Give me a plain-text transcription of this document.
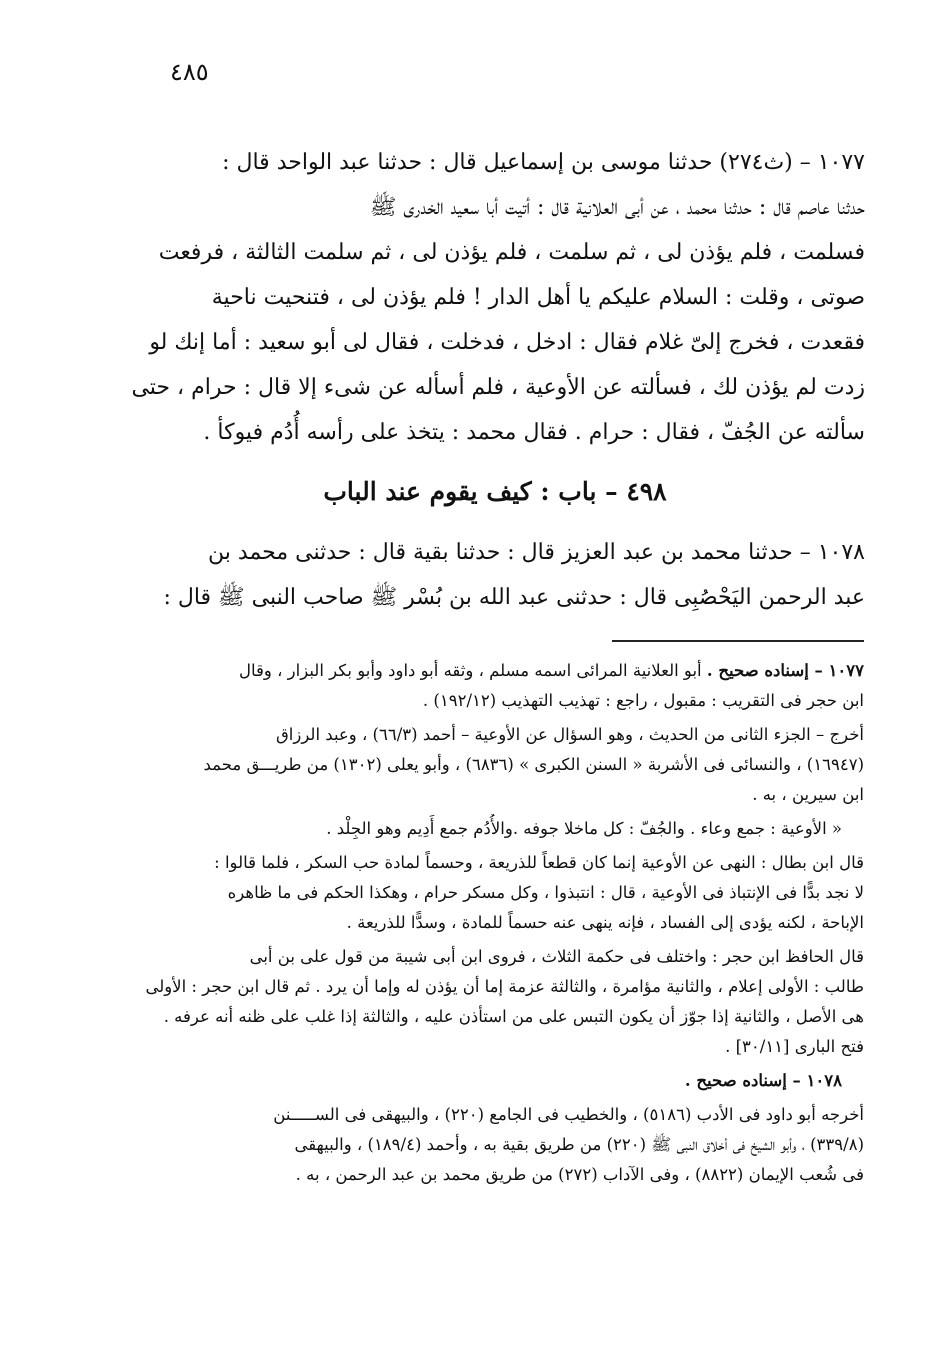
٤٨٥
١٠٧٧ – (ث٢٧٤) حدثنا موسى بن إسماعيل قال : حدثنا عبد الواحد قال :
حدثنا عاصم قال : حدثنا محمد ، عن أبى العلانية قال : أتيت أبا سعيد الخدرى ﷺ
فسلمت ، فلم يؤذن لى ، ثم سلمت ، فلم يؤذن لى ، ثم سلمت الثالثة ، فرفعت
صوتى ، وقلت : السلام عليكم يا أهل الدار ! فلم يؤذن لى ، فتنحيت ناحية
فقعدت ، فخرج إلىّ غلام فقال : ادخل ، فدخلت ، فقال لى أبو سعيد : أما إنك لو
زدت لم يؤذن لك ، فسألته عن الأوعية ، فلم أسأله عن شىء إلا قال : حرام ، حتى
سألته عن الجُفّ ، فقال : حرام . فقال محمد : يتخذ على رأسه أُدُم فيوكأ .
٤٩٨ – باب : كيف يقوم عند الباب
١٠٧٨ – حدثنا محمد بن عبد العزيز قال : حدثنا بقية قال : حدثنى محمد بن
عبد الرحمن اليَحْصُبِى قال : حدثنى عبد الله بن بُسْر ﷺ صاحب النبى ﷺ قال :
١٠٧٧ – إسناده صحيح . أبو العلانية المرائى اسمه مسلم ، وثقه أبو داود وأبو بكر البزار ، وقال
ابن حجر فى التقريب : مقبول ، راجع : تهذيب التهذيب (١٩٢/١٢) .
أخرج – الجزء الثانى من الحديث ، وهو السؤال عن الأوعية – أحمد (٦٦/٣) ، وعبد الرزاق
(١٦٩٤٧) ، والنسائى فى الأشربة « السنن الكبرى » (٦٨٣٦) ، وأبو يعلى (١٣٠٢) من طريـــق محمد
ابن سيرين ، به .
« الأوعية : جمع وعاء . والجُفّ : كل ماخلا جوفه .والأُدُم جمع أَدِيم وهو الجِلْد .
قال ابن بطال : النهى عن الأوعية إنما كان قطعاً للذريعة ، وحسماً لمادة حب السكر ، فلما قالوا :
لا نجد بدًّا فى الإنتباذ فى الأوعية ، قال : انتبذوا ، وكل مسكر حرام ، وهكذا الحكم فى ما ظاهره
الإباحة ، لكنه يؤدى إلى الفساد ، فإنه ينهى عنه حسماً للمادة ، وسدًّا للذريعة .
قال الحافظ ابن حجر : واختلف فى حكمة الثلاث ، فروى ابن أبى شيبة من قول على بن أبى
طالب : الأولى إعلام ، والثانية مؤامرة ، والثالثة عزمة إما أن يؤذن له وإما أن يرد . ثم قال ابن حجر : الأولى
هى الأصل ، والثانية إذا جوّز أن يكون التبس على من استأذن عليه ، والثالثة إذا غلب على ظنه أنه عرفه .
فتح البارى [٣٠/١١] .
١٠٧٨ – إسناده صحيح .
أخرجه أبو داود فى الأدب (٥١٨٦) ، والخطيب فى الجامع (٢٢٠) ، والبيهقى فى الســـــنن
(٣٣٩/٨) ، وأبو الشيخ فى أخلاق النبى ﷺ (٢٢٠) من طريق بقية به ، وأحمد (١٨٩/٤) ، والبيهقى
فى شُعب الإيمان (٨٨٢٢) ، وفى الآداب (٢٧٢) من طريق محمد بن عبد الرحمن ، به .
